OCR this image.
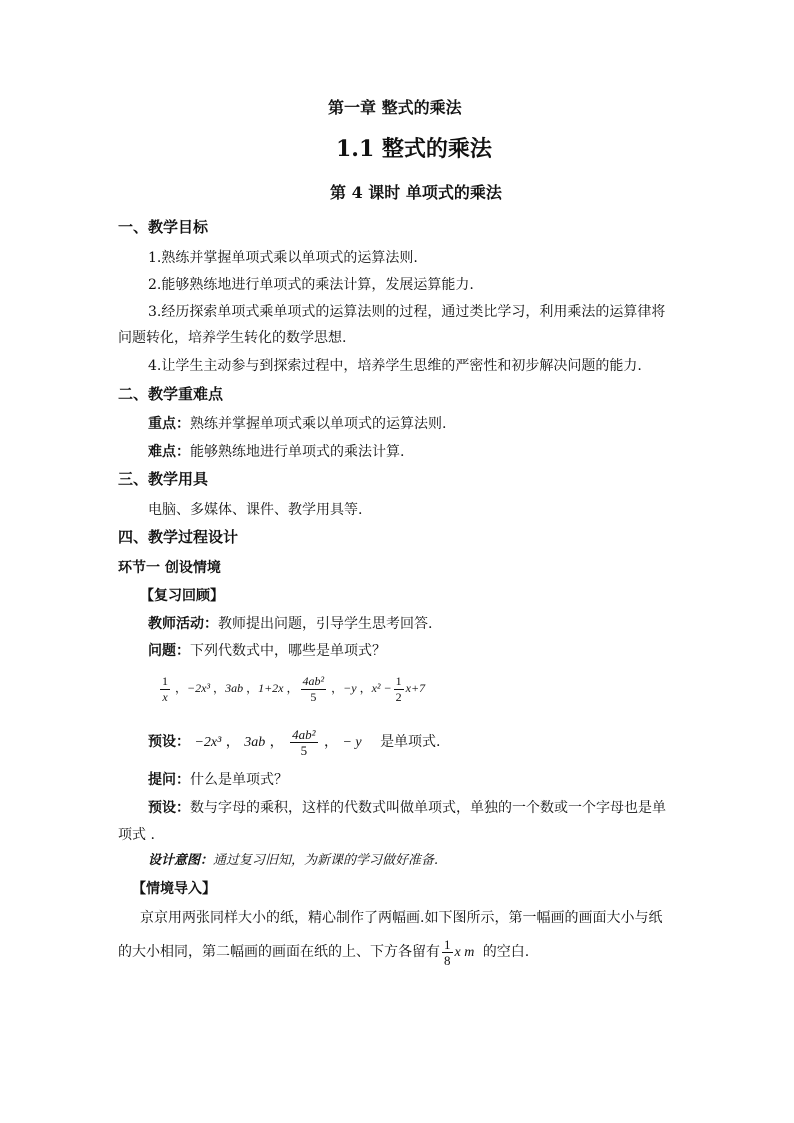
第一章 整式的乘法
1.1 整式的乘法
第 4 课时 单项式的乘法
一、教学目标
1.熟练并掌握单项式乘以单项式的运算法则.
2.能够熟练地进行单项式的乘法计算，发展运算能力.
3.经历探索单项式乘单项式的运算法则的过程，通过类比学习，利用乘法的运算律将
问题转化，培养学生转化的数学思想.
4.让学生主动参与到探索过程中，培养学生思维的严密性和初步解决问题的能力.
二、教学重难点
重点：熟练并掌握单项式乘以单项式的运算法则.
难点：能够熟练地进行单项式的乘法计算.
三、教学用具
电脑、多媒体、课件、教学用具等.
四、教学过程设计
环节一 创设情境
【复习回顾】
教师活动：教师提出问题，引导学生思考回答.
问题：下列代数式中，哪些是单项式？
$\frac{1}{x}$ ，−2x³ ，3ab ，1+2x ， $\frac{\text{4ab²}}{5}$ ，−y ，$x^2 - \frac{1}{2} x+7$
预设： −2x³ ， 3ab ， $\frac{\text{4ab²}}{5}$ ， − y 是单项式.
提问：什么是单项式？
预设：数与字母的乘积，这样的代数式叫做单项式，单独的一个数或一个字母也是单
项式 .
设计意图：通过复习旧知，为新课的学习做好准备.
【情境导入】
京京用两张同样大小的纸，精心制作了两幅画.如下图所示，第一幅画的画面大小与纸
的大小相同，第二幅画的画面在纸的上、下方各留有 $\frac{1}{8}$ x m 的空白.
